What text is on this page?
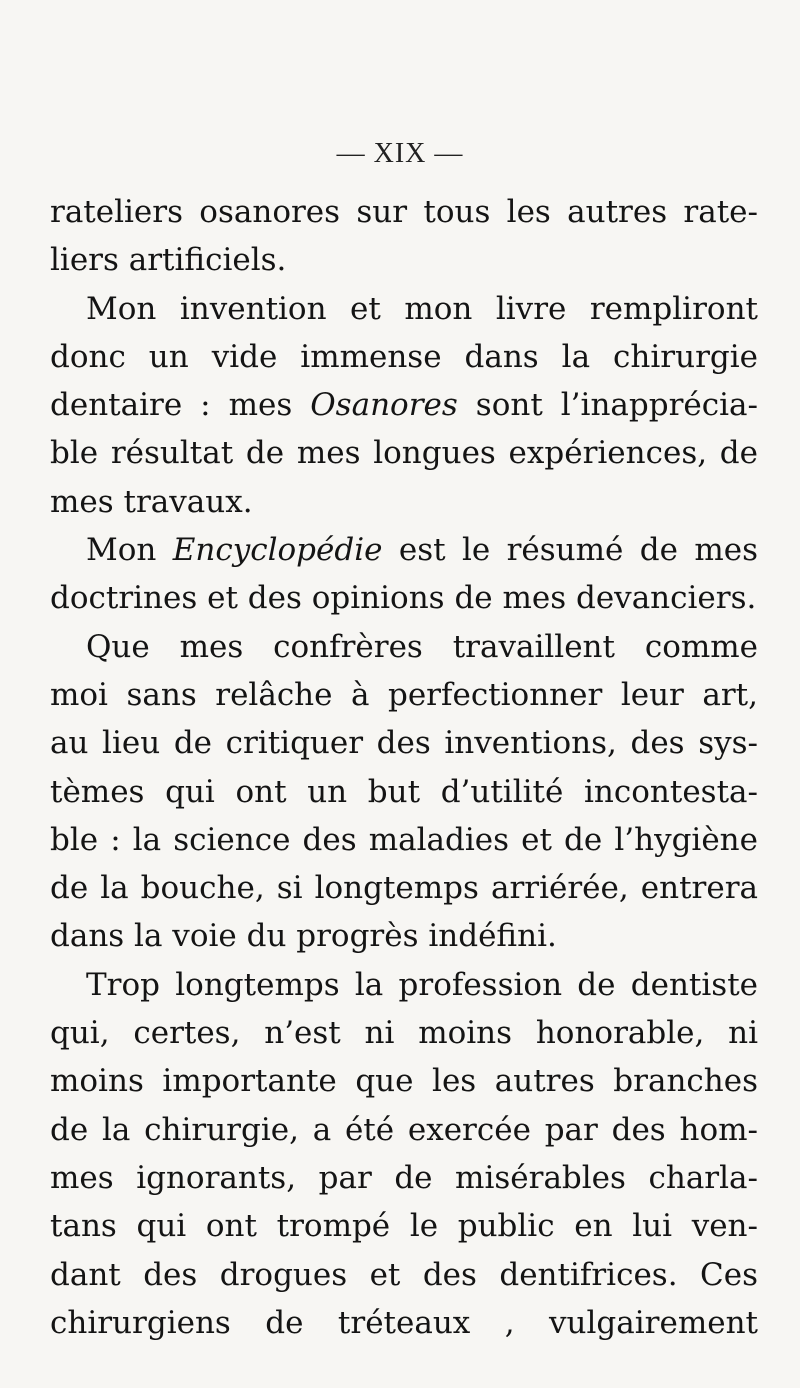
— XIX —
rateliers osanores sur tous les autres rate-
liers artificiels.
Mon invention et mon livre rempliront
donc un vide immense dans la chirurgie
dentaire : mes Osanores sont l’inappréciа-
ble résultat de mes longues expériences, de
mes travaux.
Mon Encyclopédie est le résumé de mes
doctrines et des opinions de mes devanciers.
Que mes confrères travaillent comme
moi sans relâche à perfectionner leur art,
au lieu de critiquer des inventions, des sys-
tèmes qui ont un but d’utilité incontesta-
ble : la science des maladies et de l’hygiène
de la bouche, si longtemps arriérée, entrera
dans la voie du progrès indéfini.
Trop longtemps la profession de dentiste
qui, certes, n’est ni moins honorable, ni
moins importante que les autres branches
de la chirurgie, a été exercée par des hom-
mes ignorants, par de misérables charla-
tans qui ont trompé le public en lui ven-
dant des drogues et des dentifrices. Ces
chirurgiens de tréteaux , vulgairement
